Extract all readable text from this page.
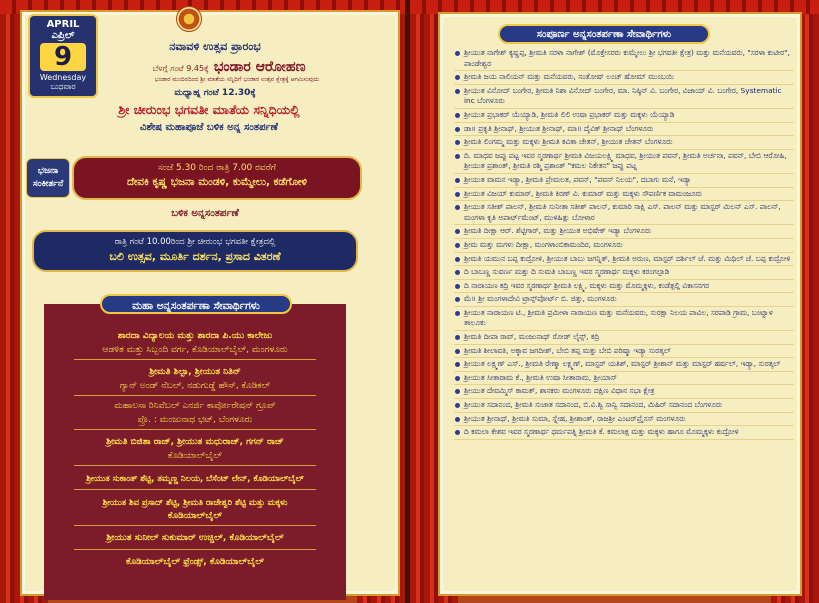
APRIL
ಎಪ್ರಿಲ್
9
Wednesday
ಬುಧವಾರ
ನವಾವಳಿ ಉತ್ಸವ ಪ್ರಾರಂಭ
ಬೆಳಗ್ಗೆ ಗಂಟೆ 9.45ಕ್ಕೆ ಭಂಡಾರ ಆರೋಹಣ
ಭಂಡಾರ ಮಂದಿರದಿಂದ ಶ್ರೀ ಮಾತೆಯ ಸನ್ನಿಧಿಗೆ ಭಂಡಾರ ಉತ್ಸವ ಕ್ಷೇತ್ರಕ್ಕೆ ಆಗಮಿಸುವುದು
ಮಧ್ಯಾಹ್ನ ಗಂಟೆ 12.30ಕ್ಕೆ
ಶ್ರೀ ಚೀರುಂಭ ಭಗವತೀ ಮಾತೆಯ ಸನ್ನಿಧಿಯಲ್ಲಿ
ವಿಶೇಷ ಮಹಾಪೂಜೆ ಬಳಿಕ ಅನ್ನ ಸಂತರ್ಪಣೆ
ಭಜನಾ
ಸಂಕೀರ್ತನೆ
ಸಂಜೆ 5.30 ರಿಂದ ರಾತ್ರಿ 7.00 ರವರೆಗೆ
ದೇವಕಿ ಕೃಷ್ಣ ಭಜನಾ ಮಂಡಳಿ, ಕುಮ್ಮೇಲು, ಕಡೆಗೋಳಿ
ಬಳಿಕ ಅನ್ನಸಂತರ್ಪಣೆ
ರಾತ್ರಿ ಗಂಟೆ 10.00ರಿಂದ ಶ್ರೀ ಚೀರುಂಭ ಭಗವತೀ ಕ್ಷೇತ್ರದಲ್ಲಿ
ಬಲಿ ಉತ್ಸವ, ಮೂರ್ತಿ ದರ್ಶನ, ಪ್ರಸಾದ ವಿತರಣೆ
ಶಾರದಾ ವಿದ್ಯಾಲಯ ಮತ್ತು ಶಾರದಾ ಪಿ.ಯು ಕಾಲೇಜು
ಆಡಳಿತ ಮತ್ತು ಸಿಬ್ಬಂದಿ ವರ್ಗ, ಕೊಡಿಯಾಲ್‌ಬೈಲ್, ಮಂಗಳೂರು
ಶ್ರೀಮತಿ ಶಿಲ್ಪಾ, ಶ್ರೀಯುತ ನಿತಿನ್
ಗ್ಯಾನ್ ಅಂಡ್ ನೆಬಲ್, ನಡುಗುಡ್ಡೆ ಹೌಸ್, ಕೊಡಿಕಲ್
ಮಹಾಲಸಾ ರಿನಿವೆಬಲ್ ಎನರ್ಜಿ ಕಾರ್ಪೋರೇಷನ್ ಗ್ರೂಪ್
ಪ್ರೊ. : ಮಂಜುನಾಥ ಭಟ್, ಬೆಂಗಳೂರು
ಶ್ರೀಮತಿ ಬಿಜಿತಾ ರಾಜ್, ಶ್ರೀಯುತ ಮಧುರಾಜ್, ಗಗನ್ ರಾಜ್
ಕೊಡಿಯಾಲ್‌ಬೈಲ್
ಶ್ರೀಯುತ ಸುಕಾಂತ್ ಶೆಟ್ಟಿ, ತಮ್ಮಣ್ಣ ನಿಲಯ, ಬೆಸೆಂಟ್ ಲೇನ್, ಕೊಡಿಯಾಲ್‌ಬೈಲ್
ಶ್ರೀಯುತ ಶಿವ ಪ್ರಸಾದ್ ಶೆಟ್ಟಿ, ಶ್ರೀಮತಿ ರಾಜೇಶ್ವರಿ ಶೆಟ್ಟಿ ಮತ್ತು ಮಕ್ಕಳು
ಕೊಡಿಯಾಲ್‌ಬೈಲ್
ಶ್ರೀಯುತ ಸುನೀಲ್ ಸುಕುಮಾರ್ ಉಚ್ಚಿಲ್, ಕೊಡಿಯಾಲ್‌ಬೈಲ್
ಕೊಡಿಯಾಲ್‌ಬೈಲ್ ಫ್ರೆಂಡ್ಸ್, ಕೊಡಿಯಾಲ್‌ಬೈಲ್
ಮಹಾ ಅನ್ನಸಂತರ್ಪಣಾ ಸೇವಾರ್ಥಿಗಳು
ಸಂಪೂರ್ಣ ಅನ್ನಸಂತರ್ಪಣಾ ಸೇವಾರ್ಥಿಗಳು
ಶ್ರೀಯುತ ನಾಗೇಶ್ ಕೃಷ್ಣಪ್ಪ, ಶ್ರೀಮತಿ ಸರಳಾ ನಾಗೇಶ್ (ಮೊಕ್ತೇಸರರು ಕುಮ್ಮೇಲು ಶ್ರೀ ಭಗವತೀ ಕ್ಷೇತ್ರ) ಮತ್ತು ಮನೆಯವರು, "ಸರಳಾ ಕುಟೀರ", ಪಾಂಡೇಶ್ವರ
ಶ್ರೀಮತಿ ಜಯ ನಾಲಿಯನ್ ಮತ್ತು ಮನೆಯವರು, ಸಂತೋಷ್ ಲಂಚ್ ಹೋಮ್ ಮುಂಬಯಿ
ಶ್ರೀಯುತ ವಿನೋದ್ ಬಂಗೇರ, ಶ್ರೀಮತಿ ನಿಶಾ ವಿನೋದ್ ಬಂಗೇರ, ಮಾ. ನಿಷ್ಠಿನ್ ವಿ. ಬಂಗೇರ, ವಿಜಾಯ್ ವಿ. ಬಂಗೇರ, Systematic inc ಬೆಂಗಳೂರು
ಶ್ರೀಯುತ ಪ್ರಭಾಕರ್ ಯೆಯ್ಯಾಡಿ, ಶ್ರೀಮತಿ ಲಿಲಿ ಉಷಾ ಪ್ರಭಾಕರ್ ಮತ್ತು ಮಕ್ಕಳು ಯೆಯ್ಯಾಡಿ
ಡಾ॥ ಪ್ರಕೃತಿ ಶ್ರೀನಾಥ್, ಶ್ರೀಯುತ ಶ್ರೀನಾಥ್, ಮಾ॥ ದೈವಿಕ್ ಶ್ರೀನಾಥ್ ಬೆಂಗಳೂರು
ಶ್ರೀಮತಿ ಲಿಂಗಮ್ಮ ಮತ್ತು ಮಕ್ಕಳು ಶ್ರೀಮತಿ ಕವಿತಾ ಚೇತನ್, ಶ್ರೀಯುತ ಚೇತನ್ ಬೆಂಗಳೂರು
ದಿ. ಮಾಧವ ಜಪ್ಪು ಪಟ್ಟ ಇವರ ಸ್ಮರಣಾರ್ಥ ಶ್ರೀಮತಿ ವಿಜಯಲಕ್ಷ್ಮಿ ಮಾಧವ, ಶ್ರೀಯುತ ಪವನ್, ಶ್ರೀಮತಿ ಅರ್ಚನಾ, ಪವನ್, ಬೇಬಿ ಆರೋಹಿ, ಶ್ರೀಯುತ ಪ್ರಶಾಂತ್, ಶ್ರೀಮತಿ ರಶ್ಮಿ ಪ್ರಶಾಂತ್ "ಕಮಲ ನಿಕೇತನ" ಜಪ್ಪು ಪಟ್ನ
ಶ್ರೀಯುತ ವಾಮನ ಇಡ್ಯಾ, ಶ್ರೀಮತಿ ಪ್ರೇಮಲತ, ಪವನ್, "ಪವನ್ ನಿಲಯ", ದಬಾಗು ಮನೆ, ಇಡ್ಯಾ
ಶ್ರೀಯುತ ವಿಜಯ್ ಕುಮಾರ್, ಶ್ರೀಮತಿ ಕಿರಣ್ ವಿ. ಕುಮಾರ್ ಮತ್ತು ಮಕ್ಕಳು ಸೌಪರ್ಣಿಕ ವಾಮಂಜೂರು
ಶ್ರೀಯುತ ಸತೀಶ್ ಪಾಲನ್, ಶ್ರೀಮತಿ ಸುನೀತಾ ಸತೀಶ್ ಪಾಲನ್, ಕುಮಾರಿ ಸಾಕ್ಷಿ ಎಸ್. ಪಾಲನ್ ಮತ್ತು ಮಾಸ್ಟರ್ ಮಿಲನ್ ಎಸ್. ಪಾಲನ್, ಮಂಗಳಾ ಕೃತಿ ಅಪಾರ್ಟ್‌ಮೆಂಟ್, ಮುಳಿಹಿತ್ಲು ಬೋಳಾರ
ಶ್ರೀಮತಿ ದೀಕ್ಷಾ ಆರ್. ಶೆಟ್ಟಿಗಾರ್, ಮತ್ತು ಶ್ರೀಯುತ ಅಭಿಷೇಕ್ ಇಡ್ಯಾ ಬೆಂಗಳೂರು
ಶ್ರೀಮ ಮತ್ತು ಮಗಳು ದೀಕ್ಷಾ, ಮಂಗಳಾಂಬಿಕಾಮಂದಿರ, ಮಂಗಳೂರು
ಶ್ರೀಮತಿ ಯಮುನ ಬಪ್ಪ ಕುದ್ರೋಳಿ, ಶ್ರೀಯುತ ಬಾಬು ಜಗನ್ನಿತ್, ಶ್ರೀಮತಿ ಅರುಣ, ಮಾಸ್ಟರ್ ದರ್ಶಿಲ್ ಜೆ. ಮತ್ತು ಮಿಥಿಲ್ ಜೆ. ಬಪ್ಪ ಕುದ್ರೋಳಿ
ದಿ ಬಾಬಣ್ಣ ಸುವರ್ಣ ಮತ್ತು ದಿ ಸುಮತಿ ಬಾಬಣ್ಣ ಇವರ ಸ್ಮರಣಾರ್ಥ ಮಕ್ಕಳು ಕರಂಗಲ್ಪಾಡಿ
ದಿ ನಾರಾಯಣ ಕದ್ರಿ ಇವರ ಸ್ಮರಣಾರ್ಥ ಶ್ರೀಮತಿ ಲಕ್ಷ್ಮಿ, ಮಕ್ಕಳು ಮತ್ತು ಮೊಮ್ಮಕ್ಕಳು, ಕಂಡೆತ್ಪಲ್ಲಿ ವಿಕಾಸನಗರ
ಮೆ॥ ಶ್ರೀ ಮಂಗಳಾದೇವಿ ಟ್ರಾನ್ಸ್‌ಪೋರ್ಟ್ ಬಿ. ಜಿತ್ತು, ಮಂಗಳೂರು
ಶ್ರೀಯುತ ನಾರಾಯಣ ಟಿ., ಶ್ರೀಮತಿ ಪ್ರಮೀಳಾ ನಾರಾಯಣ ಮತ್ತು ಮನೆಯವರು, ಸುರಕ್ಷಾ ನಿಲಯ ಪಾವಿಲ, ಸರಪಾಡಿ ಗ್ರಾಮ, ಬಂಟ್ವಾಳ ತಾಲೂಕು
ಶ್ರೀಮತಿ ದೀಪಾ ರಾವ್, ಮಂಜುನಾಥ್ ರೋಡ್ ಲೈನ್ಸ್, ಕದ್ರಿ
ಶ್ರೀಮತಿ ಶೀಲಾವತಿ, ಅಕ್ಕಾವ ಜಗದೀಶ್, ಬೇಬಿ ತಪ್ಪ ಮತ್ತು ಬೇಬಿ ಪರಿಷ್ಮಾ ಇಡ್ಯಾ ಸುರತ್ಕಲ್
ಶ್ರೀಯುತ ಲಕ್ಷ್ಮಣ್ ಎಸ್., ಶ್ರೀಮತಿ ರೇಣ್ಮಾ ಲಕ್ಷ್ಮಣ್, ಮಾಸ್ಟರ್ ಯತಿಶ್, ಮಾಸ್ಟರ್ ಶ್ರೀಶಾನ್ ಮತ್ತು ಮಾಸ್ಟರ್ ಹರ್ಷಲ್, ಇಡ್ಯಾ, ಸುರತ್ಕಲ್
ಶ್ರೀಯುತ ಸೀತಾರಾಮ ಕೆ., ಶ್ರೀಮತಿ ಉಷಾ ಸೀತಾರಾಮ, ಶ್ರೀಯಾಸ್
ಶ್ರೀಯುತ ದೇವಮ್ಮಿಸ್ ಕಾಮತ್, ಶಾಸಕರು ಮಂಗಳೂರು ದಕ್ಷಿಣ ವಿಧಾನ ಸಭಾ ಕ್ಷೇತ್ರ
ಶ್ರೀಯುತ ಸದಾನಂದ, ಶ್ರೀಮತಿ ಸುಜಾತ ಸದಾನಂದ, ಬಿ.ವಿ.ಶ್ವಿ ಸಾನ್ವಿ ಸದಾನಂದ, ಮಿಹಿರ್ ಸದಾನಂದ ಬೆಂಗಳೂರು
ಶ್ರೀಯುತ ಶ್ರೀನಾಥ್, ಶ್ರೀಮತಿ ಸುಮಾ, ಸ್ನೇಹ, ಶ್ರೀಶಾಂತ್, ರಾಜಶ್ರೀ ಎಂಟರ್‌ಪ್ರೈಸಸ್ ಮಂಗಳೂರು
ದಿ ಕಮಲಾ ಕೇಶವ ಇವರ ಸ್ಮರಣಾರ್ಥ ಧರ್ಮಪತ್ನಿ ಶ್ರೀಮತಿ ಕೆ. ಕಮಲಾಕ್ಷ ಮತ್ತು ಮಕ್ಕಳು ಹಾಗೂ ಮೊಮ್ಮಕ್ಕಳು ಕುದ್ರೋಳಿ
